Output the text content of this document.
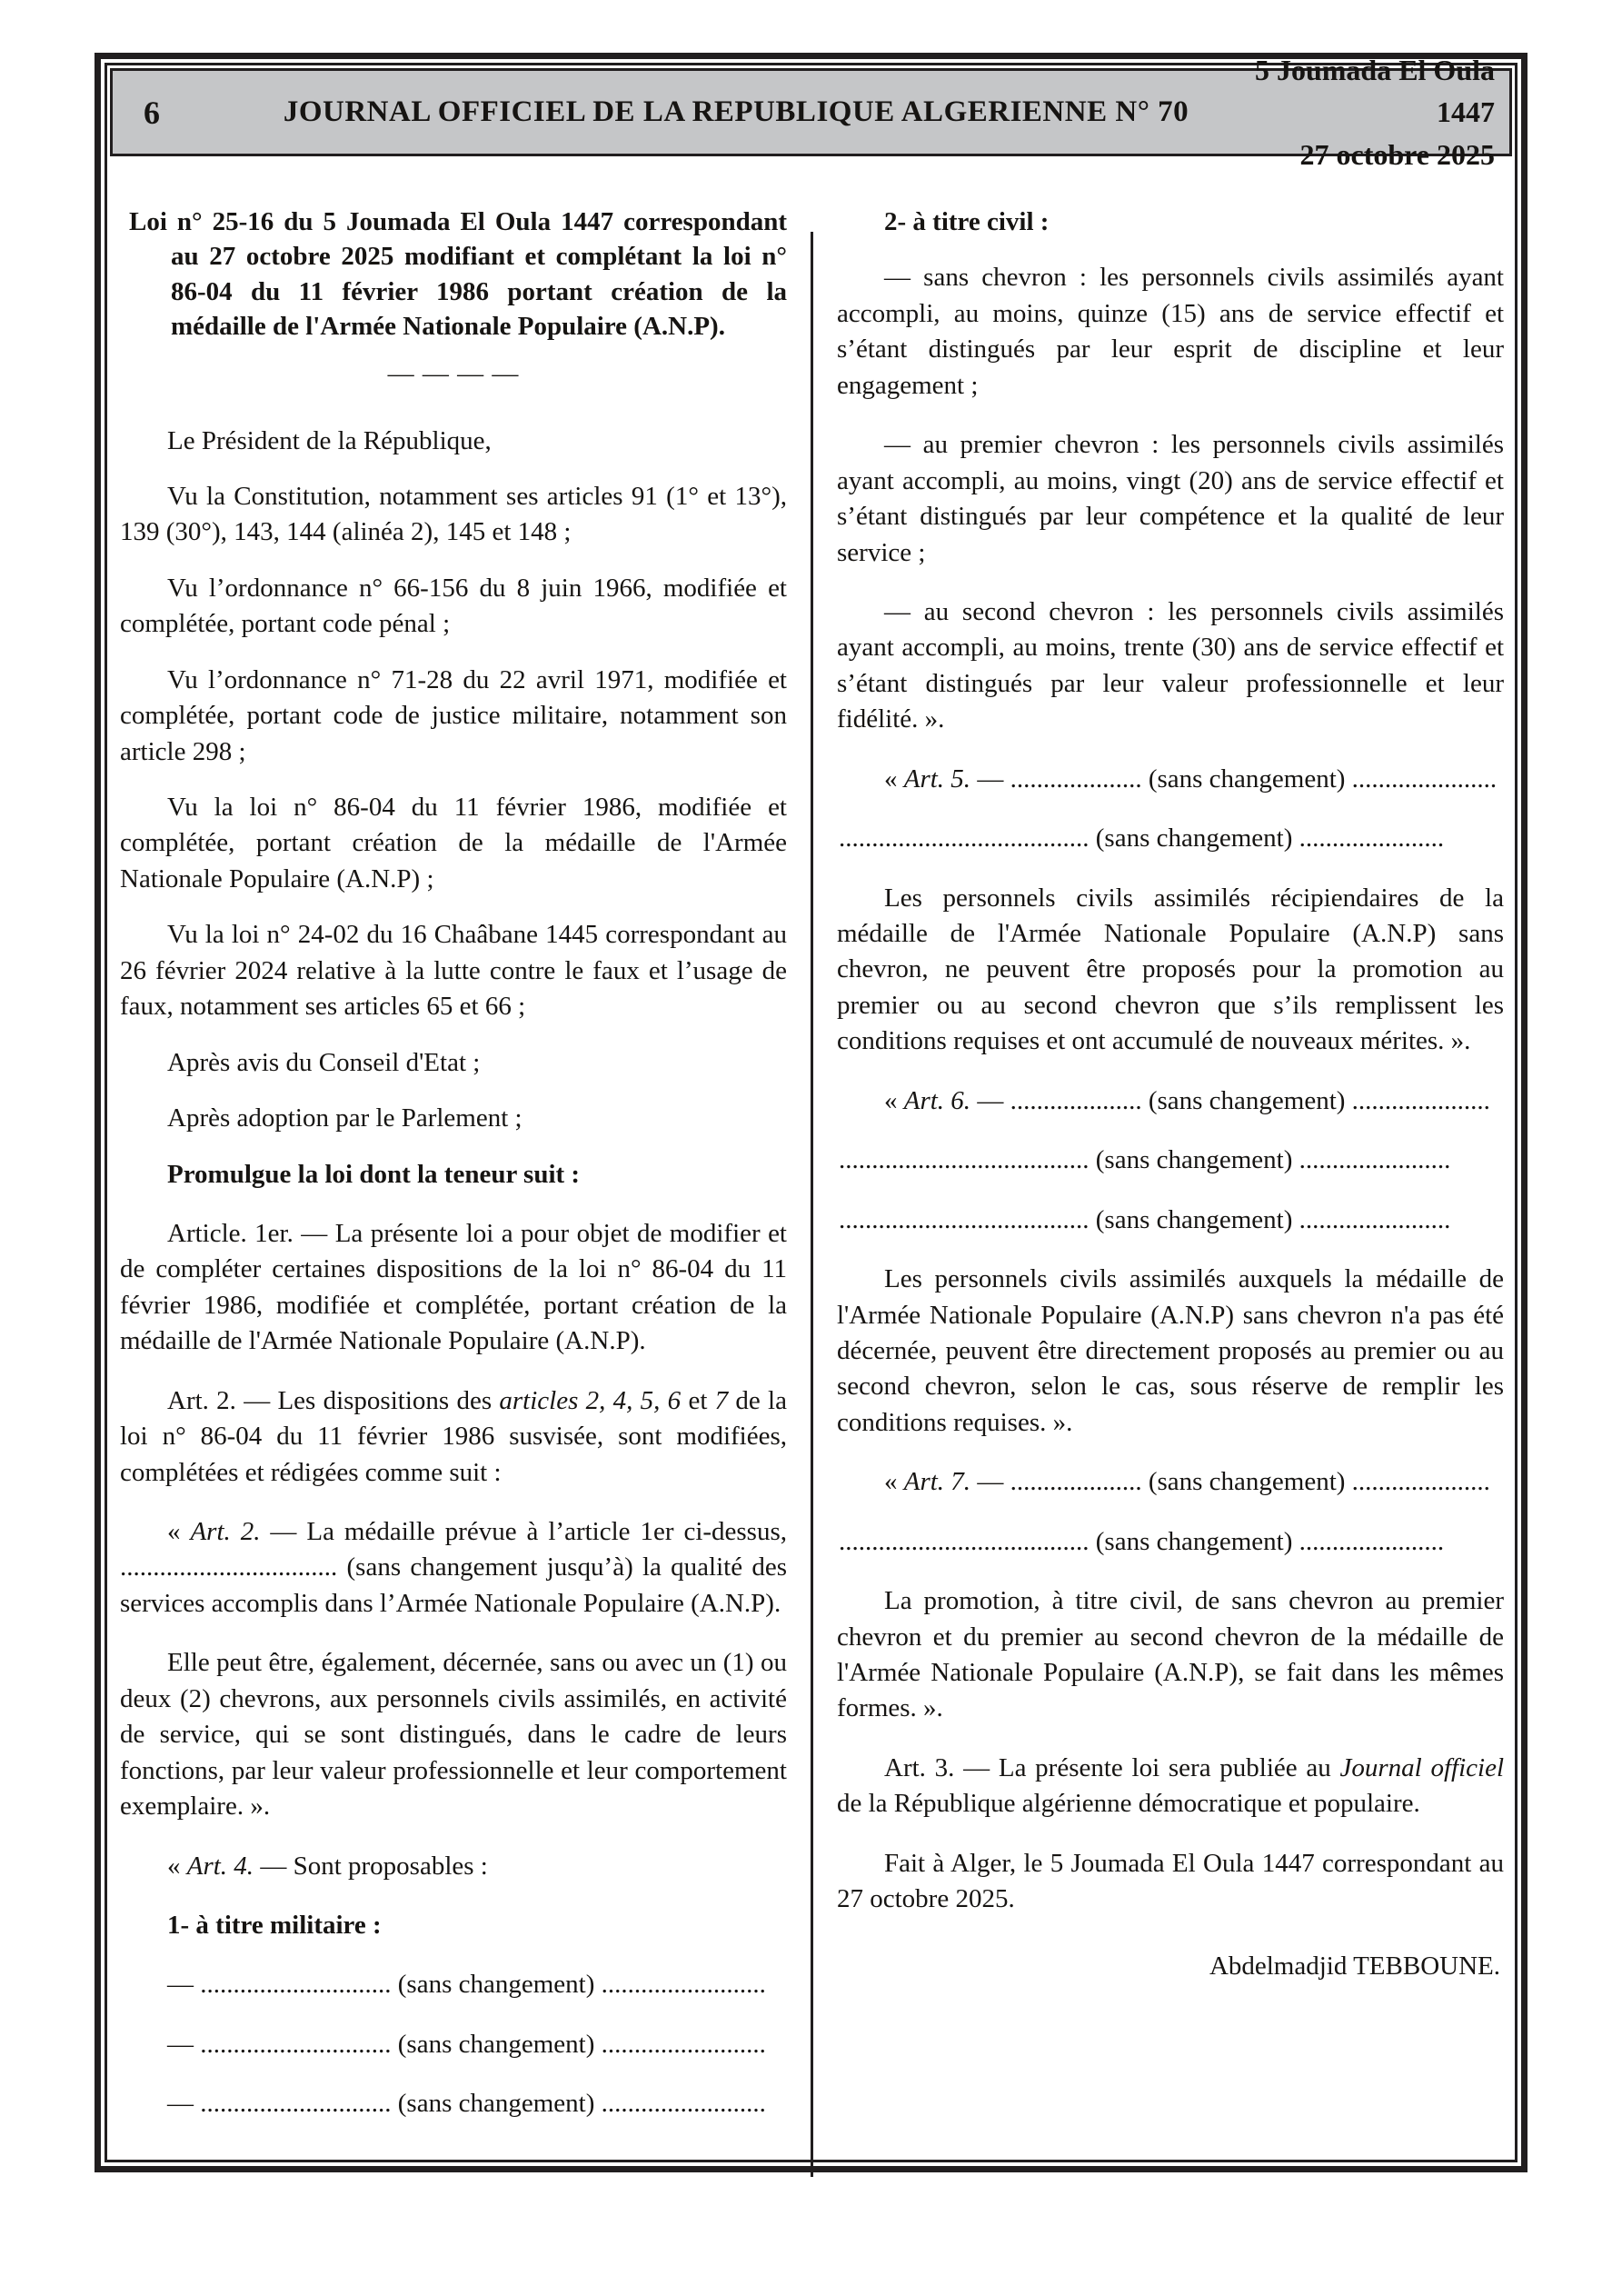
6	JOURNAL OFFICIEL DE LA REPUBLIQUE ALGERIENNE N° 70
5 Joumada El Oula 1447
27 octobre 2025

Loi n° 25-16 du 5 Joumada El Oula 1447 correspondant au 27 octobre 2025 modifiant et complétant la loi n° 86-04 du 11 février 1986 portant création de la médaille de l'Armée Nationale Populaire (A.N.P).

— — — —

Le Président de la République,

Vu la Constitution, notamment ses articles 91 (1° et 13°), 139 (30°), 143, 144 (alinéa 2), 145 et 148 ;

Vu l’ordonnance n° 66-156 du 8 juin 1966, modifiée et complétée, portant code pénal ;

Vu l’ordonnance n° 71-28 du 22 avril 1971, modifiée et complétée, portant code de justice militaire, notamment son article 298 ;

Vu la loi n° 86-04 du 11 février 1986, modifiée et complétée, portant création de la médaille de l'Armée Nationale Populaire (A.N.P) ;

Vu la loi n° 24-02 du 16 Chaâbane 1445 correspondant au 26 février 2024 relative à la lutte contre le faux et l’usage de faux, notamment ses articles 65 et 66 ;

Après avis du Conseil d'Etat ;

Après adoption par le Parlement ;

Promulgue la loi dont la teneur suit :

Article. 1er. — La présente loi a pour objet de modifier et de compléter certaines dispositions de la loi n° 86-04 du 11 février 1986, modifiée et complétée, portant création de la médaille de l'Armée Nationale Populaire (A.N.P).

Art. 2. — Les dispositions des articles 2, 4, 5, 6 et 7 de la loi n° 86-04 du 11 février 1986 susvisée, sont modifiées, complétées et rédigées comme suit :

« Art. 2. — La médaille prévue à l’article 1er ci-dessus, ................................. (sans changement jusqu’à) la qualité des services accomplis dans l’Armée Nationale Populaire (A.N.P).

Elle peut être, également, décernée, sans ou avec un (1) ou deux (2) chevrons, aux personnels civils assimilés, en activité de service, qui se sont distingués, dans le cadre de leurs fonctions, par leur valeur professionnelle et leur comportement exemplaire. ».

« Art. 4. — Sont proposables :

1- à titre militaire :

— ............................. (sans changement) .........................

— ............................. (sans changement) .........................

— ............................. (sans changement) .........................

2- à titre civil :

— sans chevron : les personnels civils assimilés ayant accompli, au moins, quinze (15) ans de service effectif et s’étant distingués par leur esprit de discipline et leur engagement ;

— au premier chevron : les personnels civils assimilés ayant accompli, au moins, vingt (20) ans de service effectif et s’étant distingués par leur compétence et la qualité de leur service ;

— au second chevron : les personnels civils assimilés ayant accompli, au moins, trente (30) ans de service effectif et s’étant distingués par leur valeur professionnelle et leur fidélité. ».

« Art. 5. — .................... (sans changement) ......................

...................................... (sans changement) ......................

Les personnels civils assimilés récipiendaires de la médaille de l'Armée Nationale Populaire (A.N.P) sans chevron, ne peuvent être proposés pour la promotion au premier ou au second chevron que s’ils remplissent les conditions requises et ont accumulé de nouveaux mérites. ».

« Art. 6. — .................... (sans changement) .....................

...................................... (sans changement) .......................

...................................... (sans changement) .......................

Les personnels civils assimilés auxquels la médaille de l'Armée Nationale Populaire (A.N.P) sans chevron n'a pas été décernée, peuvent être directement proposés au premier ou au second chevron, selon le cas, sous réserve de remplir les conditions requises. ».

« Art. 7. — .................... (sans changement) .....................

...................................... (sans changement) ......................

La promotion, à titre civil, de sans chevron au premier chevron et du premier au second chevron de la médaille de l'Armée Nationale Populaire (A.N.P), se fait dans les mêmes formes. ».

Art. 3. — La présente loi sera publiée au Journal officiel de la République algérienne démocratique et populaire.

Fait à Alger, le 5 Joumada El Oula 1447 correspondant au 27 octobre 2025.

Abdelmadjid TEBBOUNE.
